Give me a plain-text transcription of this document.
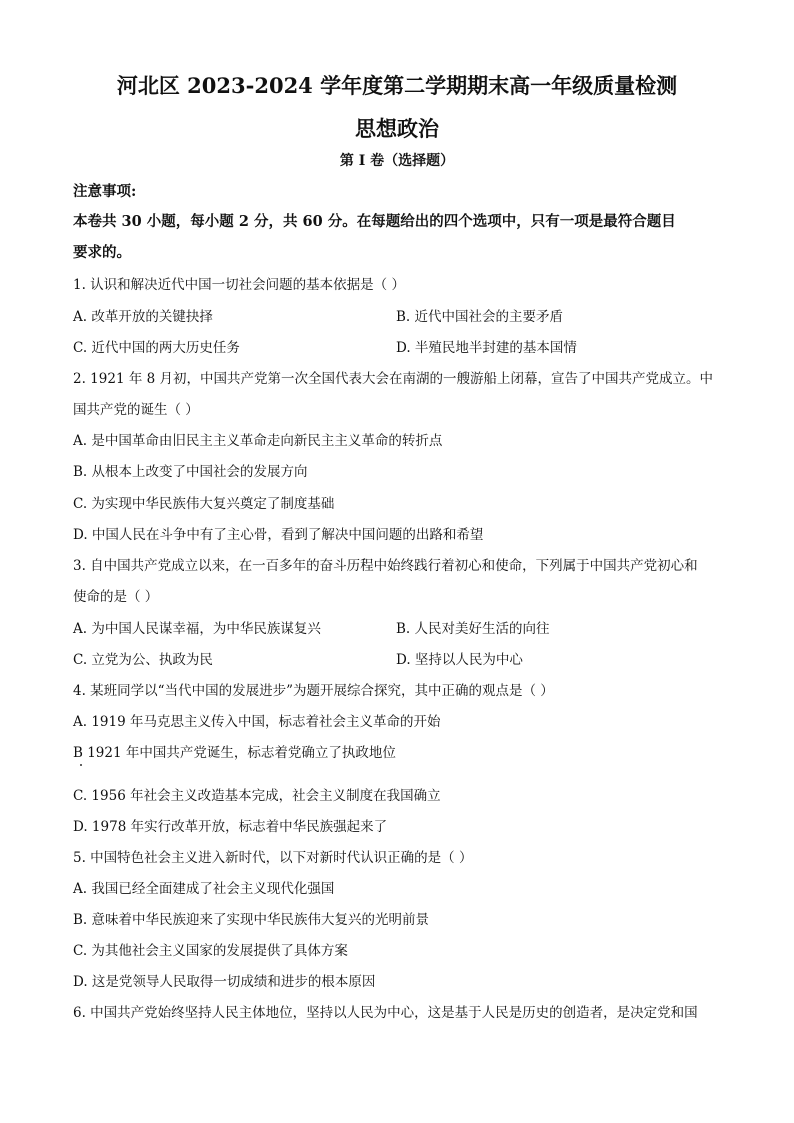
河北区 2023-2024 学年度第二学期期末高一年级质量检测
思想政治
第 I 卷（选择题）
注意事项:
本卷共 30 小题，每小题 2 分，共 60 分。在每题给出的四个选项中，只有一项是最符合题目
要求的。
1. 认识和解决近代中国一切社会问题的基本依据是（ ）
A. 改革开放的关键抉择	B. 近代中国社会的主要矛盾
C. 近代中国的两大历史任务	D. 半殖民地半封建的基本国情
2. 1921 年 8 月初，中国共产党第一次全国代表大会在南湖的一艘游船上闭幕，宣告了中国共产党成立。中
国共产党的诞生（ ）
A. 是中国革命由旧民主主义革命走向新民主主义革命的转折点
B. 从根本上改变了中国社会的发展方向
C. 为实现中华民族伟大复兴奠定了制度基础
D. 中国人民在斗争中有了主心骨，看到了解决中国问题的出路和希望
3. 自中国共产党成立以来，在一百多年的奋斗历程中始终践行着初心和使命，下列属于中国共产党初心和
使命的是（ ）
A. 为中国人民谋幸福，为中华民族谋复兴	B. 人民对美好生活的向往
C. 立党为公、执政为民	D. 坚持以人民为中心
4. 某班同学以“当代中国的发展进步”为题开展综合探究，其中正确的观点是（ ）
A. 1919 年马克思主义传入中国，标志着社会主义革命的开始
B 1921 年中国共产党诞生，标志着党确立了执政地位
C. 1956 年社会主义改造基本完成，社会主义制度在我国确立
D. 1978 年实行改革开放，标志着中华民族强起来了
5. 中国特色社会主义进入新时代，以下对新时代认识正确的是（ ）
A. 我国已经全面建成了社会主义现代化强国
B. 意味着中华民族迎来了实现中华民族伟大复兴的光明前景
C. 为其他社会主义国家的发展提供了具体方案
D. 这是党领导人民取得一切成绩和进步的根本原因
6. 中国共产党始终坚持人民主体地位，坚持以人民为中心，这是基于人民是历史的创造者，是决定党和国
